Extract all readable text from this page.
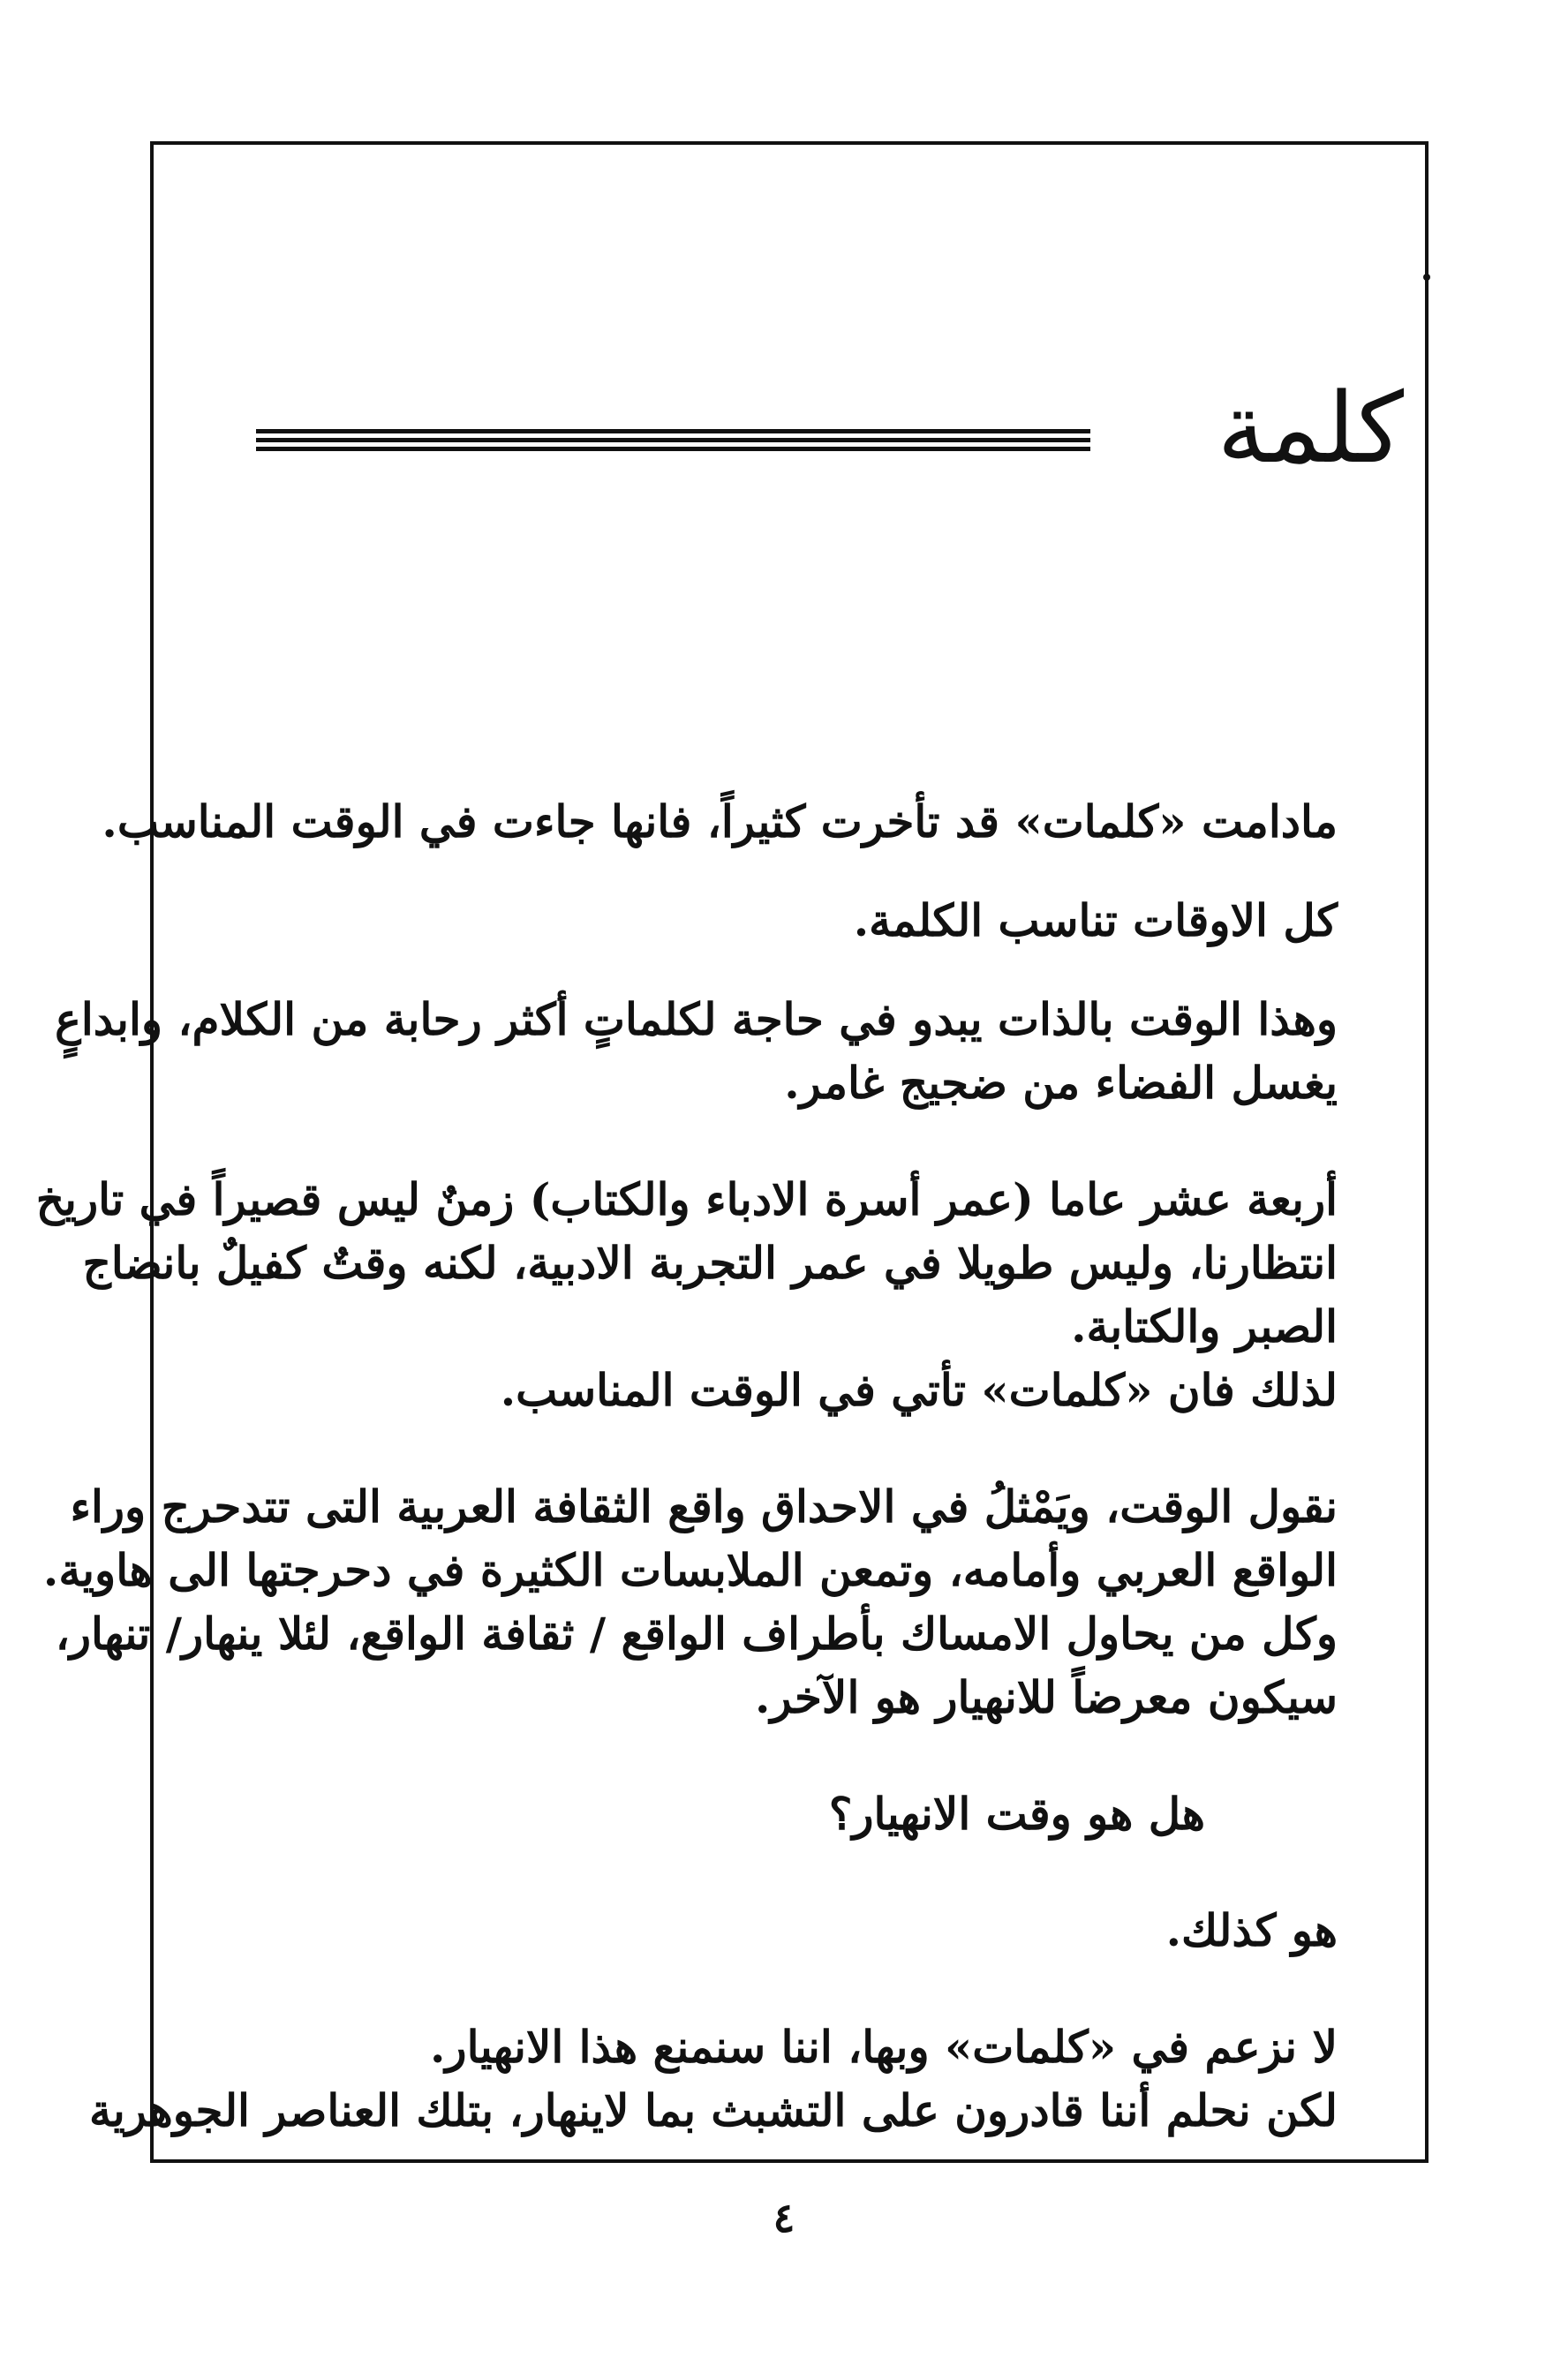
كلمة

مادامت «كلمات» قد تأخرت كثيراً، فانها جاءت في الوقت المناسب.

كل الاوقات تناسب الكلمة.

وهذا الوقت بالذات يبدو في حاجة لكلماتٍ أكثر رحابة من الكلام، وابداعٍ

يغسل الفضاء من ضجيج غامر.

أربعة عشر عاما (عمر أسرة الادباء والكتاب) زمنٌ ليس قصيراً في تاريخ

انتظارنا، وليس طويلا في عمر التجربة الادبية، لكنه وقتٌ كفيلٌ بانضاج

الصبر والكتابة.

لذلك فان «كلمات» تأتي في الوقت المناسب.

نقول الوقت، ويَمْثلُ في الاحداق واقع الثقافة العربية التى تتدحرج وراء

الواقع العربي وأمامه، وتمعن الملابسات الكثيرة في دحرجتها الى هاوية.

وكل من يحاول الامساك بأطراف الواقع / ثقافة الواقع، لئلا ينهار/ تنهار،

سيكون معرضاً للانهيار هو الآخر.

هل هو وقت الانهيار؟

هو كذلك.

لا نزعم في «كلمات» وبها، اننا سنمنع هذا الانهيار.

لكن نحلم أننا قادرون على التشبث بما لاينهار، بتلك العناصر الجوهرية

٤
